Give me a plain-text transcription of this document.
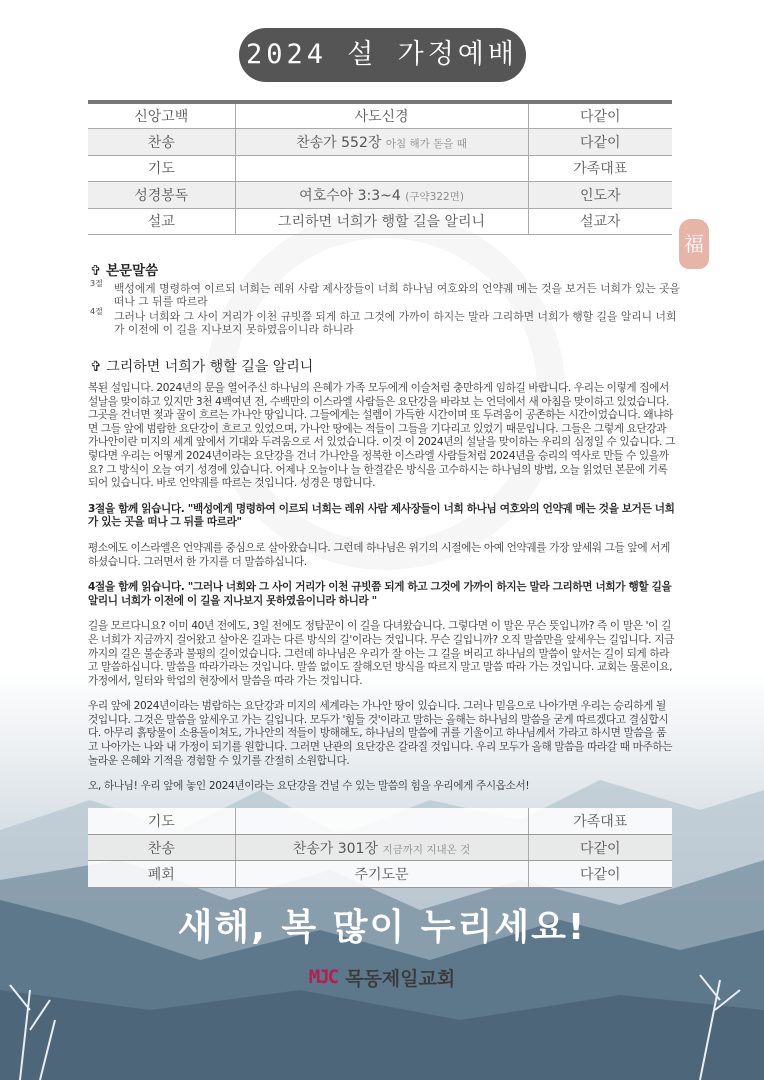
福
2024 설 가정예배
신앙고백	사도신경	다같이
찬송	찬송가 552장 아침 해가 돋을 때	다같이
기도		가족대표
성경봉독	여호수아 3:3~4 (구약322면)	인도자
설교	그리하면 너희가 행할 길을 알리니	설교자
✞ 본문말씀
3절 백성에게 명령하여 이르되 너희는 레위 사람 제사장들이 너희 하나님 여호와의 언약궤 메는 것을 보거든 너희가 있는 곳을 떠나 그 뒤를 따르라
4절 그러나 너희와 그 사이 거리가 이천 규빗쯤 되게 하고 그것에 가까이 하지는 말라 그리하면 너희가 행할 길을 알리니 너희가 이전에 이 길을 지나보지 못하였음이니라 하니라
✞ 그리하면 너희가 행할 길을 알리니

복된 설입니다. 2024년의 문을 열어주신 하나님의 은혜가 가족 모두에게 이슬처럼 충만하게 임하길 바랍니다. 우리는 이렇게 집에서 설날을 맞이하고 있지만 3천 4백여년 전, 수백만의 이스라엘 사람들은 요단강을 바라보 는 언덕에서 새 아침을 맞이하고 있었습니다. 그곳을 건너면 젖과 꿀이 흐르는 가나안 땅입니다. 그들에게는 설렘이 가득한 시간이며 또 두려움이 공존하는 시간이었습니다. 왜냐하면 그들 앞에 범람한 요단강이 흐르고 있었으며, 가나안 땅에는 적들이 그들을 기다리고 있었기 때문입니다. 그들은 그렇게 요단강과 가나안이란 미지의 세계 앞에서 기대와 두려움으로 서 있었습니다. 이것 이 2024년의 설날을 맞이하는 우리의 심정일 수 있습니다. 그렇다면 우리는 어떻게 2024년이라는 요단강을 건너 가나안을 정복한 이스라엘 사람들처럼 2024년을 승리의 역사로 만들 수 있을까요? 그 방식이 오늘 여기 성경에 있습니다. 어제나 오늘이나 늘 한결같은 방식을 고수하시는 하나님의 방법, 오늘 읽었던 본문에 기록되어 있습니다. 바로 언약궤를 따르는 것입니다. 성경은 명합니다.

3절을 함께 읽습니다. "백성에게 명령하여 이르되 너희는 레위 사람 제사장들이 너희 하나님 여호와의 언약궤 메는 것을 보거든 너희가 있는 곳을 떠나 그 뒤를 따르라"

평소에도 이스라엘은 언약궤를 중심으로 살아왔습니다. 그런데 하나님은 위기의 시절에는 아예 언약궤를 가장 앞세워 그들 앞에 서게 하셨습니다. 그러면서 한 가지를 더 말씀하십니다.

4절을 함께 읽습니다. "그러나 너희와 그 사이 거리가 이천 규빗쯤 되게 하고 그것에 가까이 하지는 말라 그리하면 너희가 행할 길을 알리니 너희가 이전에 이 길을 지나보지 못하였음이니라 하니라 "

길을 모르다니요? 이미 40년 전에도, 3일 전에도 정탐꾼이 이 길을 다녀왔습니다. 그렇다면 이 말은 무슨 뜻입니까? 즉 이 말은 '이 길은 너희가 지금까지 걸어왔고 살아온 길과는 다른 방식의 길'이라는 것입니다. 무슨 길입니까? 오직 말씀만을 앞세우는 길입니다. 지금까지의 길은 불순종과 불평의 길이었습니다. 그런데 하나님은 우리가 잘 아는 그 길을 버리고 하나님의 말씀이 앞서는 길이 되게 하라고 말씀하십니다. 말씀을 따라가라는 것입니다. 말씀 없이도 잘해오던 방식을 따르지 말고 말씀 따라 가는 것입니다. 교회는 물론이요, 가정에서, 일터와 학업의 현장에서 말씀을 따라 가는 것입니다.

우리 앞에 2024년이라는 범람하는 요단강과 미지의 세계라는 가나안 땅이 있습니다. 그러나 믿음으로 나아가면 우리는 승리하게 될 것입니다. 그것은 말씀을 앞세우고 가는 길입니다. 모두가 '힘들 것'이라고 말하는 올해는 하나님의 말씀을 굳게 따르겠다고 결심합시다. 아무리 흙탕물이 소용돌이쳐도, 가나안의 적들이 방해해도, 하나님의 말씀에 귀를 기울이고 하나님께서 가라고 하시면 말씀을 품고 나아가는 나와 내 가정이 되기를 원합니다. 그러면 난관의 요단강은 갈라질 것입니다. 우리 모두가 올해 말씀을 따라갈 때 마주하는 놀라운 은혜와 기적을 경험할 수 있기를 간절히 소원합니다.

오, 하나님! 우리 앞에 놓인 2024년이라는 요단강을 건널 수 있는 말씀의 힘을 우리에게 주시옵소서!

기도		가족대표
찬송	찬송가 301장 지금까지 지내온 것	다같이
폐회	주기도문	다같이
새해, 복 많이 누리세요!
MJC 목동제일교회
